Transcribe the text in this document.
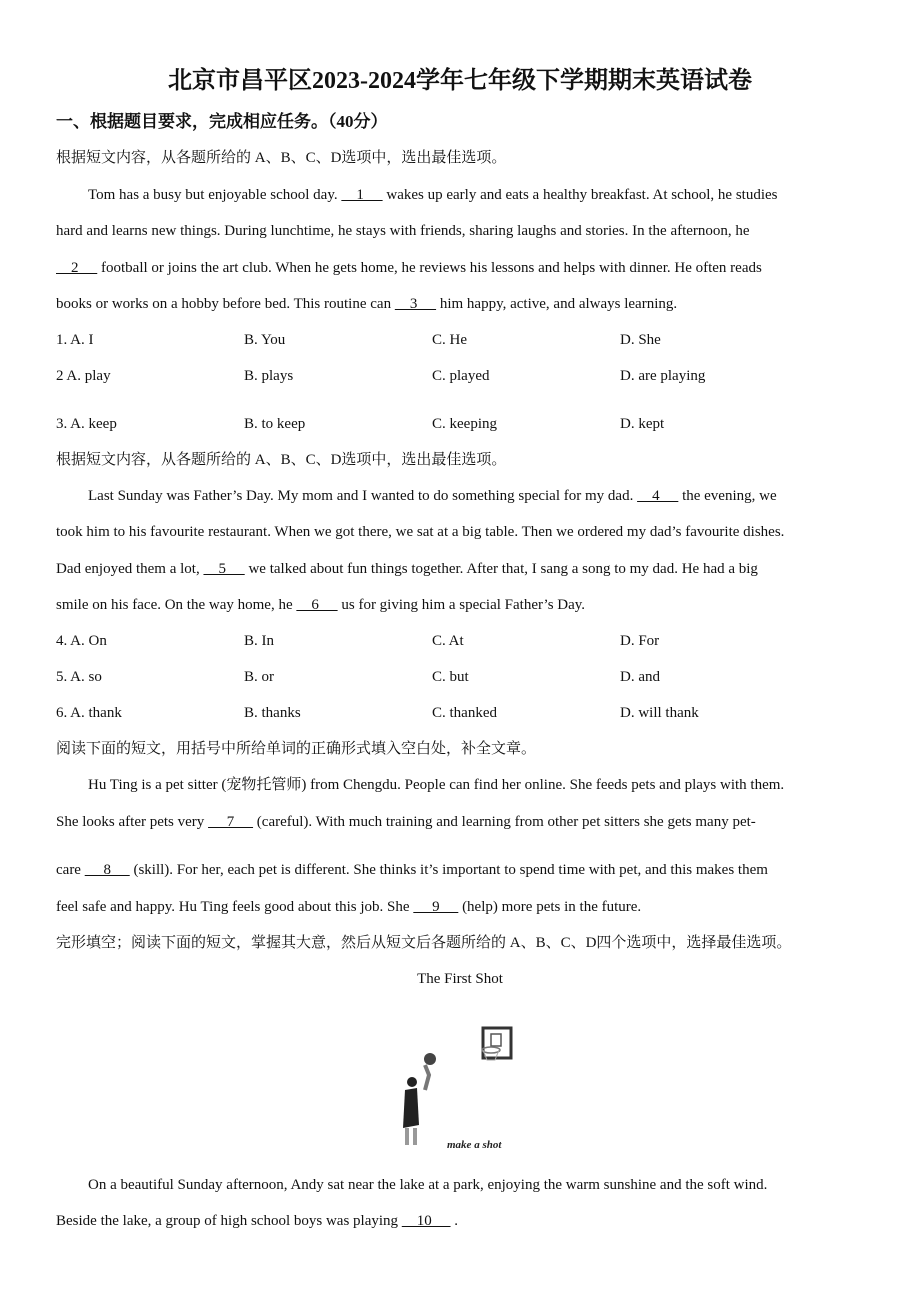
北京市昌平区2023-2024学年七年级下学期期末英语试卷
一、根据题目要求，完成相应任务。（40分）
根据短文内容，从各题所给的 A、B、C、D选项中，选出最佳选项。
根据短文内容，从各题所给的 A、B、C、D选项中，选出最佳选项。
阅读下面的短文，用括号中所给单词的正确形式填入空白处，补全文章。
完形填空；阅读下面的短文，掌握其大意，然后从短文后各题所给的 A、B、C、D四个选项中，选择最佳选项。
The First Shot
make a shot
Tom has a busy but enjoyable school day.     1      wakes up early and eats a healthy breakfast. At school, he studies
hard and learns new things. During lunchtime, he stays with friends, sharing laughs and stories. In the afternoon, he
2      football or joins the art club. When he gets home, he reviews his lessons and helps with dinner. He often reads
books or works on a hobby before bed. This routine can     3      him happy, active, and always learning.
Last Sunday was Father’s Day. My mom and I wanted to do something special for my dad.     4      the evening, we
took him to his favourite restaurant. When we got there, we sat at a big table. Then we ordered my dad’s favourite dishes.
Dad enjoyed them a lot,     5      we talked about fun things together. After that, I sang a song to my dad. He had a big
smile on his face. On the way home, he     6      us for giving him a special Father’s Day.
Hu Ting is a pet sitter (宠物托管师) from Chengdu. People can find her online. She feeds pets and plays with them.
She looks after pets very      7      (careful). With much training and learning from other pet sitters she gets many pet-
care      8      (skill). For her, each pet is different. She thinks it’s important to spend time with pet, and this makes them
feel safe and happy. Hu Ting feels good about this job. She      9      (help) more pets in the future.
On a beautiful Sunday afternoon, Andy sat near the lake at a park, enjoying the warm sunshine and the soft wind.
Beside the lake, a group of high school boys was playing     10      .
1. A. I	B. You	C. He	D. She
2 A. play	B. plays	C. played	D. are playing
3. A. keep	B. to keep	C. keeping	D. kept
4. A. On	B. In	C. At	D. For
5. A. so	B. or	C. but	D. and
6. A. thank	B. thanks	C. thanked	D. will thank
